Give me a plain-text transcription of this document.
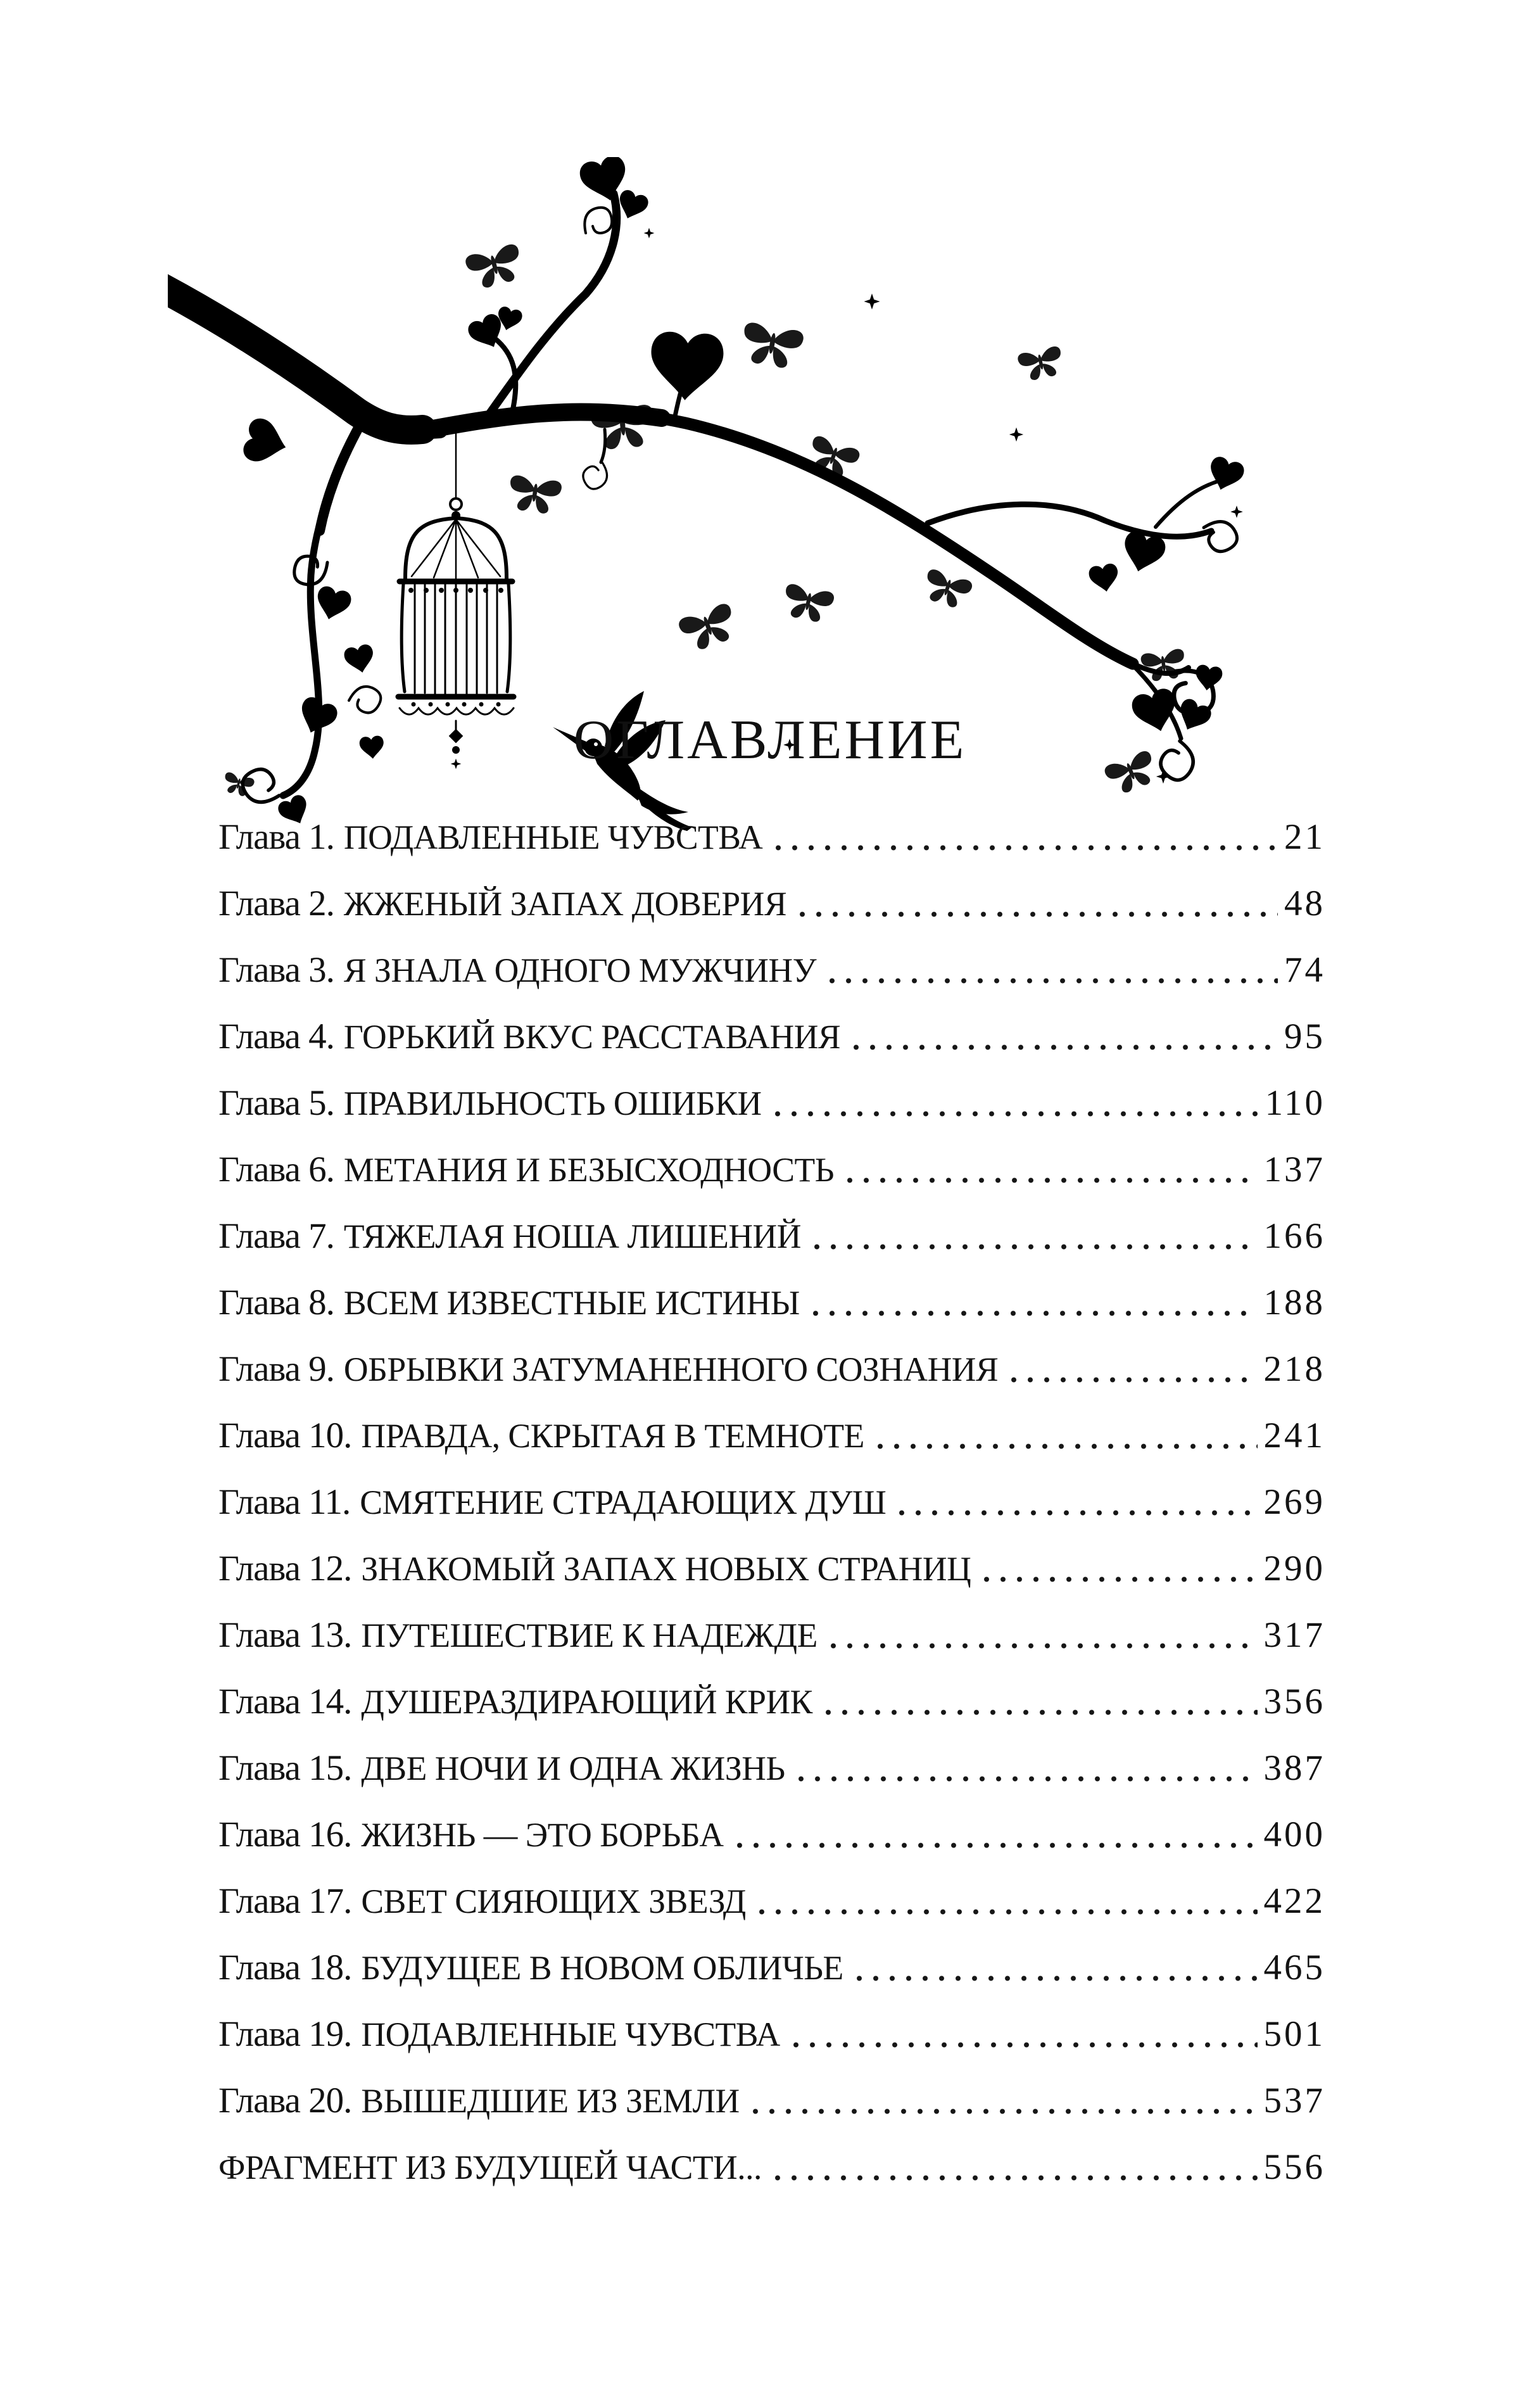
ОГЛАВЛЕНИЕ
Глава 1. ПОДАВЛЕННЫЕ ЧУВСТВА	21
Глава 2. ЖЖЕНЫЙ ЗАПАХ ДОВЕРИЯ	48
Глава 3. Я ЗНАЛА ОДНОГО МУЖЧИНУ	74
Глава 4. ГОРЬКИЙ ВКУС РАССТАВАНИЯ	95
Глава 5. ПРАВИЛЬНОСТЬ ОШИБКИ	110
Глава 6. МЕТАНИЯ И БЕЗЫСХОДНОСТЬ	137
Глава 7. ТЯЖЕЛАЯ НОША ЛИШЕНИЙ	166
Глава 8. ВСЕМ ИЗВЕСТНЫЕ ИСТИНЫ	188
Глава 9. ОБРЫВКИ ЗАТУМАНЕННОГО СОЗНАНИЯ	218
Глава 10. ПРАВДА, СКРЫТАЯ В ТЕМНОТЕ	241
Глава 11. СМЯТЕНИЕ СТРАДАЮЩИХ ДУШ	269
Глава 12. ЗНАКОМЫЙ ЗАПАХ НОВЫХ СТРАНИЦ	290
Глава 13. ПУТЕШЕСТВИЕ К НАДЕЖДЕ	317
Глава 14. ДУШЕРАЗДИРАЮЩИЙ КРИК	356
Глава 15. ДВЕ НОЧИ И ОДНА ЖИЗНЬ	387
Глава 16. ЖИЗНЬ — ЭТО БОРЬБА	400
Глава 17. СВЕТ СИЯЮЩИХ ЗВЕЗД	422
Глава 18. БУДУЩЕЕ В НОВОМ ОБЛИЧЬЕ	465
Глава 19. ПОДАВЛЕННЫЕ ЧУВСТВА	501
Глава 20. ВЫШЕДШИЕ ИЗ ЗЕМЛИ	537
ФРАГМЕНТ ИЗ БУДУЩЕЙ ЧАСТИ...	556
